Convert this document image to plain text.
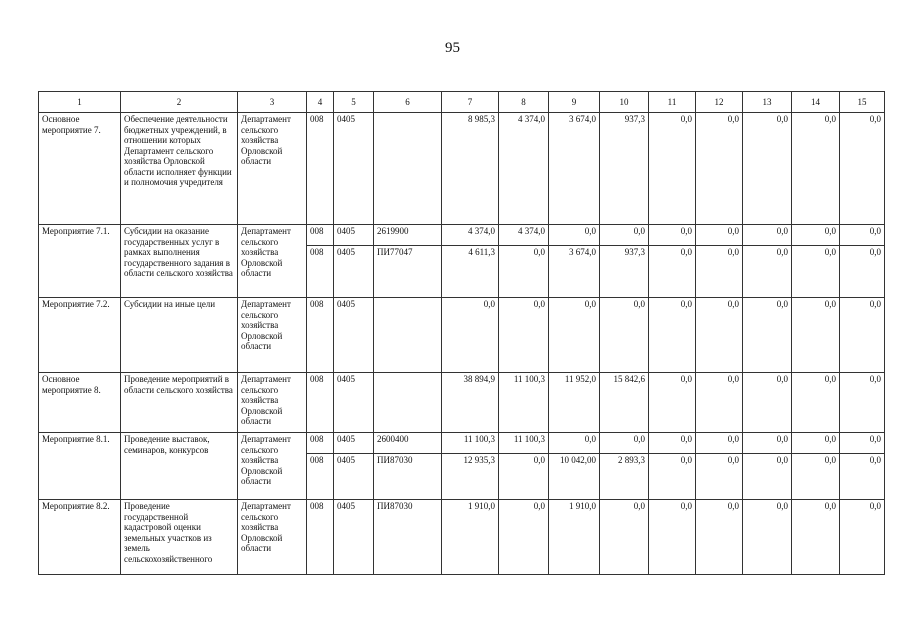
95
1	2	3	4	5	6	7	8	9	10	11	12	13	14	15
Основное мероприятие 7.	Обеспечение деятельности бюджетных учреждений, в отношении которых Департамент сельского хозяйства Орловской области исполняет функции и полномочия учредителя	Департамент сельского хозяйства Орловской области	008	0405		8 985,3	4 374,0	3 674,0	937,3	0,0	0,0	0,0	0,0	0,0
Мероприятие 7.1.	Субсидии на оказание государственных услуг в рамках выполнения государственного задания в области сельского хозяйства	Департамент сельского хозяйства Орловской области	008	0405	2619900	4 374,0	4 374,0	0,0	0,0	0,0	0,0	0,0	0,0	0,0
			008	0405	ПИ77047	4 611,3	0,0	3 674,0	937,3	0,0	0,0	0,0	0,0	0,0
Мероприятие 7.2.	Субсидии на иные цели	Департамент сельского хозяйства Орловской области	008	0405		0,0	0,0	0,0	0,0	0,0	0,0	0,0	0,0	0,0
Основное мероприятие 8.	Проведение мероприятий в области сельского хозяйства	Департамент сельского хозяйства Орловской области	008	0405		38 894,9	11 100,3	11 952,0	15 842,6	0,0	0,0	0,0	0,0	0,0
Мероприятие 8.1.	Проведение выставок, семинаров, конкурсов	Департамент сельского хозяйства Орловской области	008	0405	2600400	11 100,3	11 100,3	0,0	0,0	0,0	0,0	0,0	0,0	0,0
			008	0405	ПИ87030	12 935,3	0,0	10 042,00	2 893,3	0,0	0,0	0,0	0,0	0,0
Мероприятие 8.2.	Проведение государственной кадастровой оценки земельных участков из земель сельскохозяйственного	Департамент сельского хозяйства Орловской области	008	0405	ПИ87030	1 910,0	0,0	1 910,0	0,0	0,0	0,0	0,0	0,0	0,0
